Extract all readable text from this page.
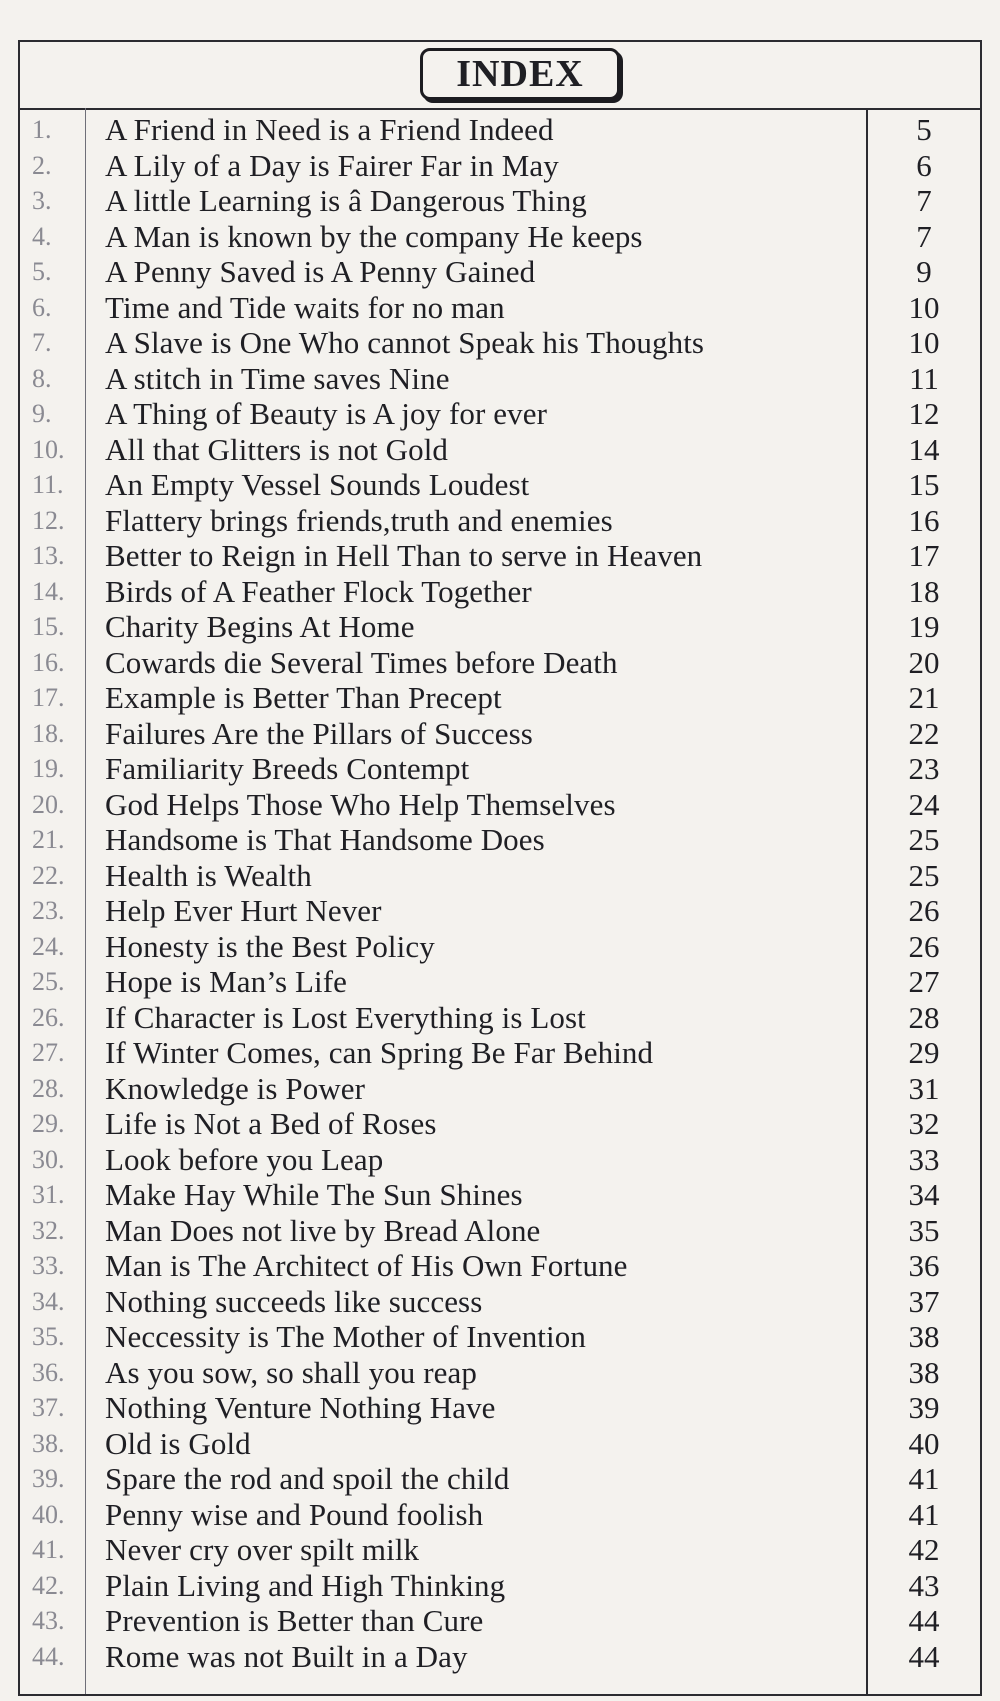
INDEX
1.	A Friend in Need is a Friend Indeed	5
2.	A Lily of a Day is Fairer Far in May	6
3.	A little Learning is â Dangerous Thing	7
4.	A Man is known by the company He keeps	7
5.	A Penny Saved is A Penny Gained	9
6.	Time and Tide waits for no man	10
7.	A Slave is One Who cannot Speak his Thoughts	10
8.	A stitch in Time saves Nine	11
9.	A Thing of Beauty is A joy for ever	12
10.	All that Glitters is not Gold	14
11.	An Empty Vessel Sounds Loudest	15
12.	Flattery brings friends,truth and enemies	16
13.	Better to Reign in Hell Than to serve in Heaven	17
14.	Birds of A Feather Flock Together	18
15.	Charity Begins At Home	19
16.	Cowards die Several Times before Death	20
17.	Example is Better Than Precept	21
18.	Failures Are the Pillars of Success	22
19.	Familiarity Breeds Contempt	23
20.	God Helps Those Who Help Themselves	24
21.	Handsome is That Handsome Does	25
22.	Health is Wealth	25
23.	Help Ever Hurt Never	26
24.	Honesty is the Best Policy	26
25.	Hope is Man’s Life	27
26.	If Character is Lost Everything is Lost	28
27.	If Winter Comes, can Spring Be Far Behind	29
28.	Knowledge is Power	31
29.	Life is Not a Bed of Roses	32
30.	Look before you Leap	33
31.	Make Hay While The Sun Shines	34
32.	Man Does not live by Bread Alone	35
33.	Man is The Architect of His Own Fortune	36
34.	Nothing succeeds like success	37
35.	Neccessity is The Mother of Invention	38
36.	As you sow, so shall you reap	38
37.	Nothing Venture Nothing Have	39
38.	Old is Gold	40
39.	Spare the rod and spoil the child	41
40.	Penny wise and Pound foolish	41
41.	Never cry over spilt milk	42
42.	Plain Living and High Thinking	43
43.	Prevention is Better than Cure	44
44.	Rome was not Built in a Day	44
